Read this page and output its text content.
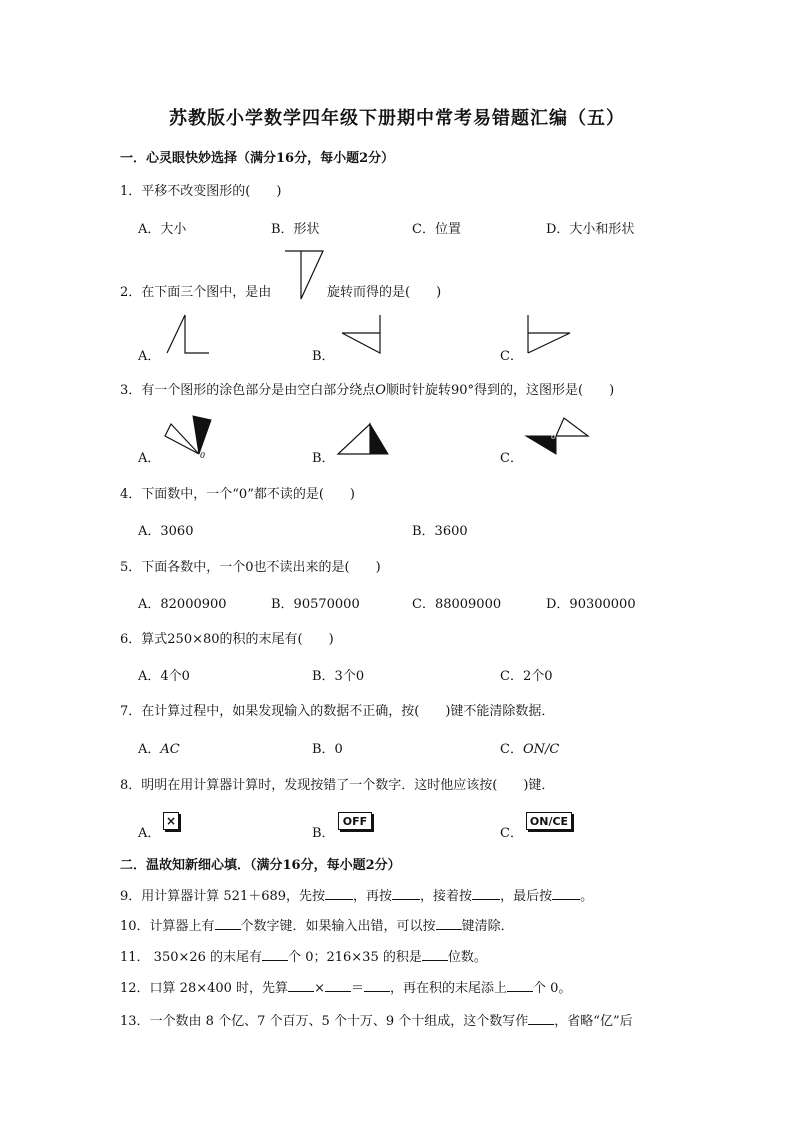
苏教版小学数学四年级下册期中常考易错题汇编（五）
一．心灵眼快妙选择（满分16分，每小题2分）
1．平移不改变图形的(　　)
A．大小	B．形状	C．位置	D．大小和形状
2．在下面三个图中，是由	旋转而得的是(　　)
A．	B．	C．
3．有一个图形的涂色部分是由空白部分绕点O顺时针旋转90°得到的，这图形是(　　)
A．	0	B．	C．
0
4．下面数中，一个“0”都不读的是(　　)
A．3060	B．3600
5．下面各数中，一个0也不读出来的是(　　)
A．82000900	B．90570000	C．88009000	D．90300000
6．算式250×80的积的末尾有(　　)
A．4个0	B．3个0	C．2个0
7．在计算过程中，如果发现输入的数据不正确，按(　　)键不能清除数据．
A．AC	B．0	C．ON/C
8．明明在用计算器计算时，发现按错了一个数字．这时他应该按(　　)键．
A．
×
B．
OFF
C．
ON/CE
二．温故知新细心填．（满分16分，每小题2分）
9．用计算器计算 521＋689，先按 ，再按 ，接着按 ，最后按 。
10．计算器上有 个数字键．如果输入出错，可以按 键清除．
11． 350×26 的末尾有 个 0；216×35 的积是 位数。
12．口算 28×400 时，先算 × ＝ ，再在积的末尾添上 个 0。
13．一个数由 8 个亿、7 个百万、5 个十万、9 个十组成，这个数写作 ，省略“亿”后
